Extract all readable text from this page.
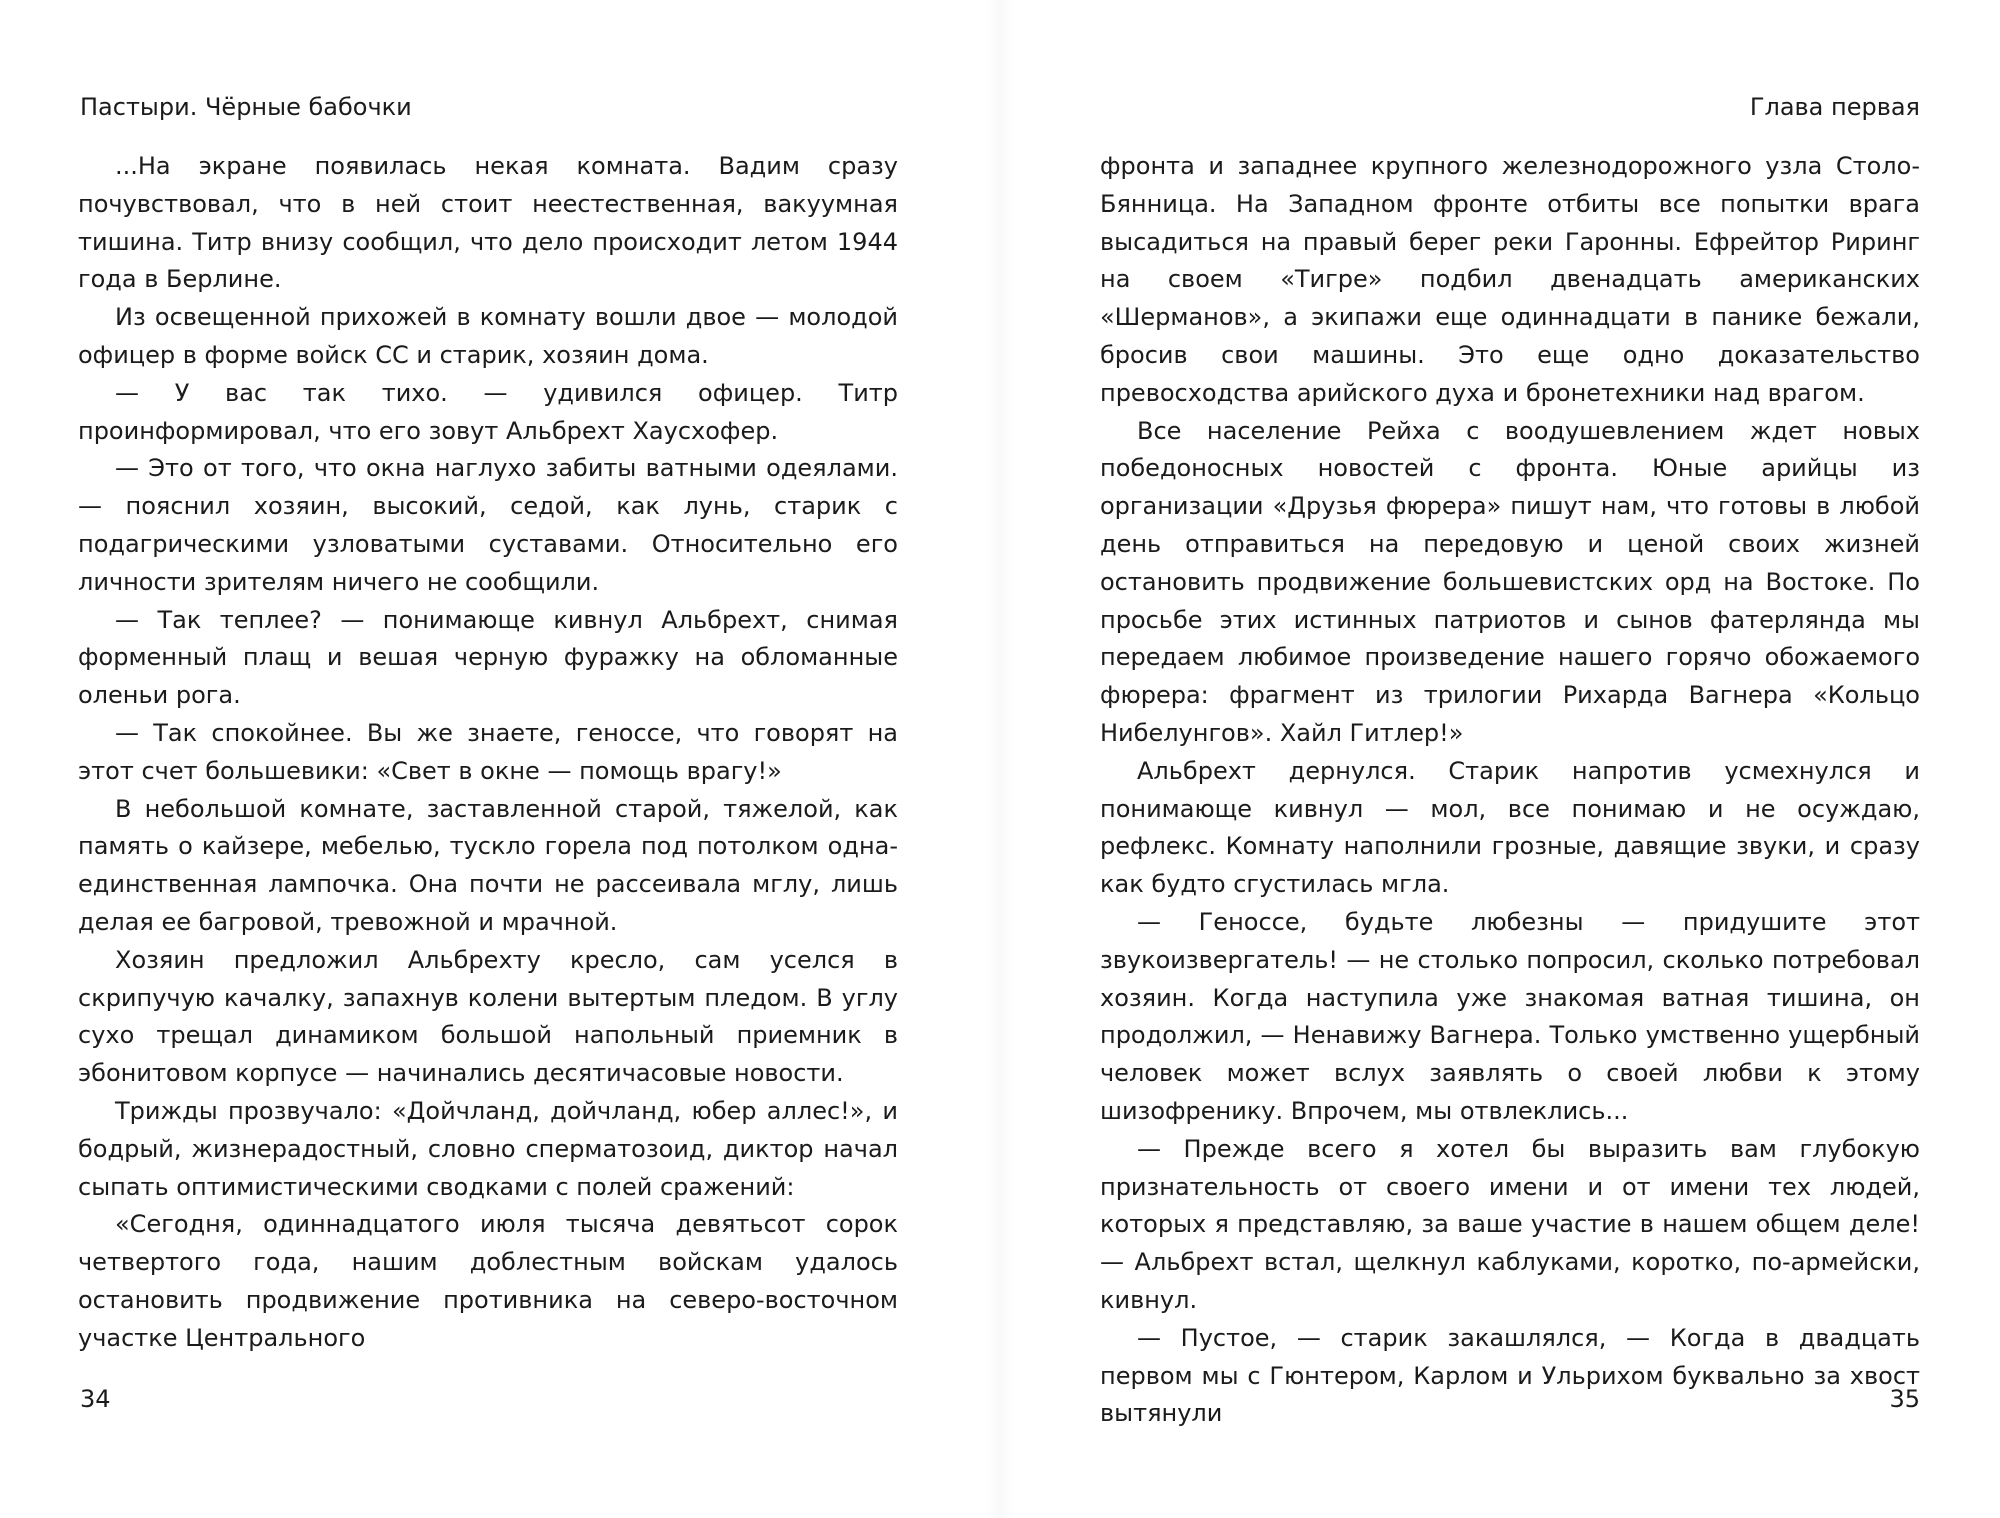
Пастыри. Чёрные бабочки

...На экране появилась некая комната. Вадим сразу почувствовал, что в ней стоит неестественная, вакуумная тишина. Титр внизу сообщил, что дело происходит летом 1944 года в Берлине.

Из освещенной прихожей в комнату вошли двое — молодой офицер в форме войск СС и старик, хозяин дома.

— У вас так тихо. — удивился офицер. Титр проинформировал, что его зовут Альбрехт Хаусхофер.

— Это от того, что окна наглухо забиты ватными одеялами. — пояснил хозяин, высокий, седой, как лунь, старик с подагрическими узловатыми суставами. Относительно его личности зрителям ничего не сообщили.

— Так теплее? — понимающе кивнул Альбрехт, снимая форменный плащ и вешая черную фуражку на обломанные оленьи рога.

— Так спокойнее. Вы же знаете, геноссе, что говорят на этот счет большевики: «Свет в окне — помощь врагу!»

В небольшой комнате, заставленной старой, тяжелой, как память о кайзере, мебелью, тускло горела под потолком одна-единственная лампочка. Она почти не рассеивала мглу, лишь делая ее багровой, тревожной и мрачной.

Хозяин предложил Альбрехту кресло, сам уселся в скрипучую качалку, запахнув колени вытертым пледом. В углу сухо трещал динамиком большой напольный приемник в эбонитовом корпусе — начинались десятичасовые новости.

Трижды прозвучало: «Дойчланд, дойчланд, юбер аллес!», и бодрый, жизнерадостный, словно сперматозоид, диктор начал сыпать оптимистическими сводками с полей сражений:

«Сегодня, одиннадцатого июля тысяча девятьсот сорок четвертого года, нашим доблестным войскам удалось остановить продвижение противника на северо-восточном участке Центрального

34
Глава первая

фронта и западнее крупного железнодорожного узла Столо-Бянница. На Западном фронте отбиты все попытки врага высадиться на правый берег реки Гаронны. Ефрейтор Риринг на своем «Тигре» подбил двенадцать американских «Шерманов», а экипажи еще одиннадцати в панике бежали, бросив свои машины. Это еще одно доказательство превосходства арийского духа и бронетехники над врагом.

Все население Рейха с воодушевлением ждет новых победоносных новостей с фронта. Юные арийцы из организации «Друзья фюрера» пишут нам, что готовы в любой день отправиться на передовую и ценой своих жизней остановить продвижение большевистских орд на Востоке. По просьбе этих истинных патриотов и сынов фатерлянда мы передаем любимое произведение нашего горячо обожаемого фюрера: фрагмент из трилогии Рихарда Вагнера «Кольцо Нибелунгов». Хайл Гитлер!»

Альбрехт дернулся. Старик напротив усмехнулся и понимающе кивнул — мол, все понимаю и не осуждаю, рефлекс. Комнату наполнили грозные, давящие звуки, и сразу как будто сгустилась мгла.

— Геноссе, будьте любезны — придушите этот звукоизвергатель! — не столько попросил, сколько потребовал хозяин. Когда наступила уже знакомая ватная тишина, он продолжил, — Ненавижу Вагнера. Только умственно ущербный человек может вслух заявлять о своей любви к этому шизофренику. Впрочем, мы отвлеклись...

— Прежде всего я хотел бы выразить вам глубокую признательность от своего имени и от имени тех людей, которых я представляю, за ваше участие в нашем общем деле! — Альбрехт встал, щелкнул каблуками, коротко, по-армейски, кивнул.

— Пустое, — старик закашлялся, — Когда в двадцать первом мы с Гюнтером, Карлом и Ульрихом буквально за хвост вытянули

35
